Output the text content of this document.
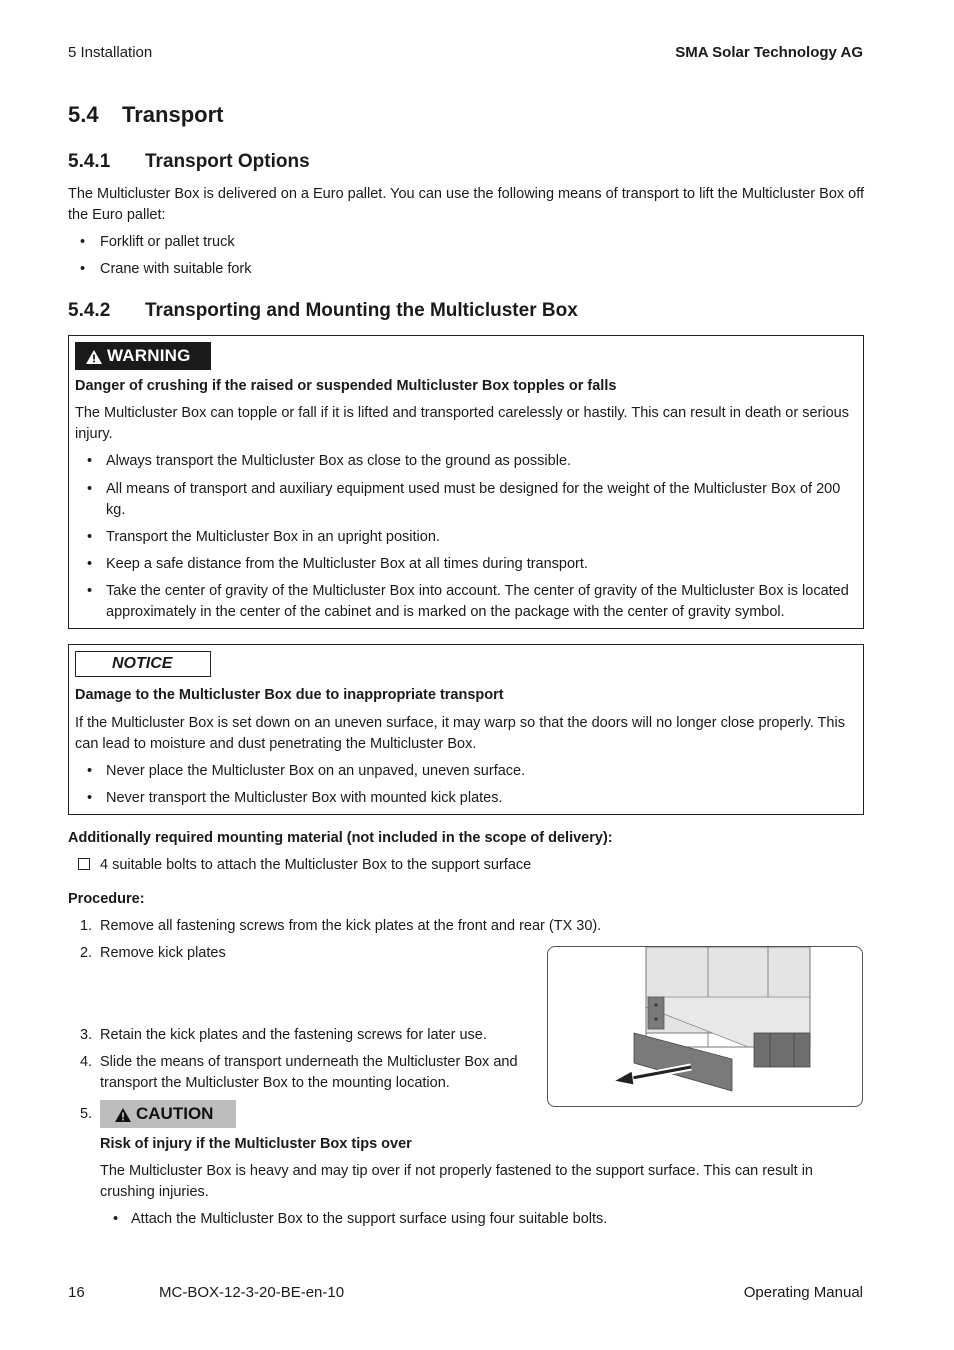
5 Installation	SMA Solar Technology AG
5.4 Transport
5.4.1 Transport Options
The Multicluster Box is delivered on a Euro pallet. You can use the following means of transport to lift the Multicluster Box off the Euro pallet:
• Forklift or pallet truck
• Crane with suitable fork
5.4.2 Transporting and Mounting the Multicluster Box
WARNING
Danger of crushing if the raised or suspended Multicluster Box topples or falls
The Multicluster Box can topple or fall if it is lifted and transported carelessly or hastily. This can result in death or serious injury.
• Always transport the Multicluster Box as close to the ground as possible.
• All means of transport and auxiliary equipment used must be designed for the weight of the Multicluster Box of 200 kg.
• Transport the Multicluster Box in an upright position.
• Keep a safe distance from the Multicluster Box at all times during transport.
• Take the center of gravity of the Multicluster Box into account. The center of gravity of the Multicluster Box is located approximately in the center of the cabinet and is marked on the package with the center of gravity symbol.
NOTICE
Damage to the Multicluster Box due to inappropriate transport
If the Multicluster Box is set down on an uneven surface, it may warp so that the doors will no longer close properly. This can lead to moisture and dust penetrating the Multicluster Box.
• Never place the Multicluster Box on an unpaved, uneven surface.
• Never transport the Multicluster Box with mounted kick plates.
Additionally required mounting material (not included in the scope of delivery):
4 suitable bolts to attach the Multicluster Box to the support surface
Procedure:
1. Remove all fastening screws from the kick plates at the front and rear (TX 30).
2. Remove kick plates
3. Retain the kick plates and the fastening screws for later use.
4. Slide the means of transport underneath the Multicluster Box and transport the Multicluster Box to the mounting location.
5.	CAUTION
Risk of injury if the Multicluster Box tips over
The Multicluster Box is heavy and may tip over if not properly fastened to the support surface. This can result in crushing injuries.
• Attach the Multicluster Box to the support surface using four suitable bolts.
16	MC-BOX-12-3-20-BE-en-10	Operating Manual
